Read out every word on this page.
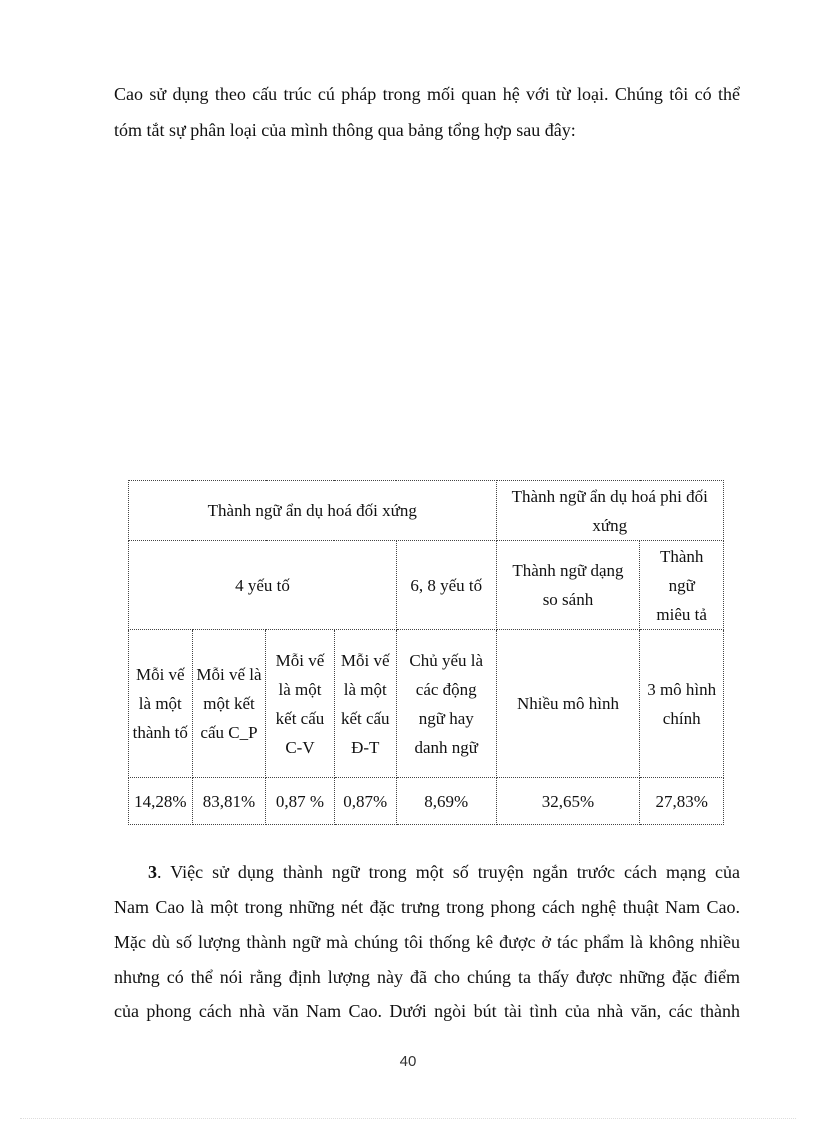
Cao sử dụng theo cấu trúc cú pháp trong mối quan hệ với từ loại. Chúng tôi có thể
tóm tắt sự phân loại của mình thông qua bảng tổng hợp sau đây:
Thành ngữ ẩn dụ hoá đối xứng					Thành ngữ ẩn dụ hoá phi đối xứng	

4 yếu tố				6, 8 yếu tố	Thành ngữ dạng so sánh	Thành ngữ miêu tả

Mỗi vế là một thành tố	Mỗi vế là một kết cấu C_P	Mỗi vế là một kết cấu C-V	Mỗi vế là một kết cấu Đ-T	Chủ yếu là các động ngữ hay danh ngữ	Nhiều mô hình	3 mô hình chính

14,28%	83,81%	0,87 %	0,87%	8,69%	32,65%	27,83%
3. Việc sử dụng thành ngữ trong một số truyện ngắn trước cách mạng của
Nam Cao là một trong những nét đặc trưng trong phong cách nghệ thuật Nam Cao.
Mặc dù số lượng thành ngữ mà chúng tôi thống kê được ở tác phẩm là không nhiều
nhưng có thể nói rằng định lượng này đã cho chúng ta thấy được những đặc điểm
của phong cách nhà văn Nam Cao. Dưới ngòi bút tài tình của nhà văn, các thành
40
